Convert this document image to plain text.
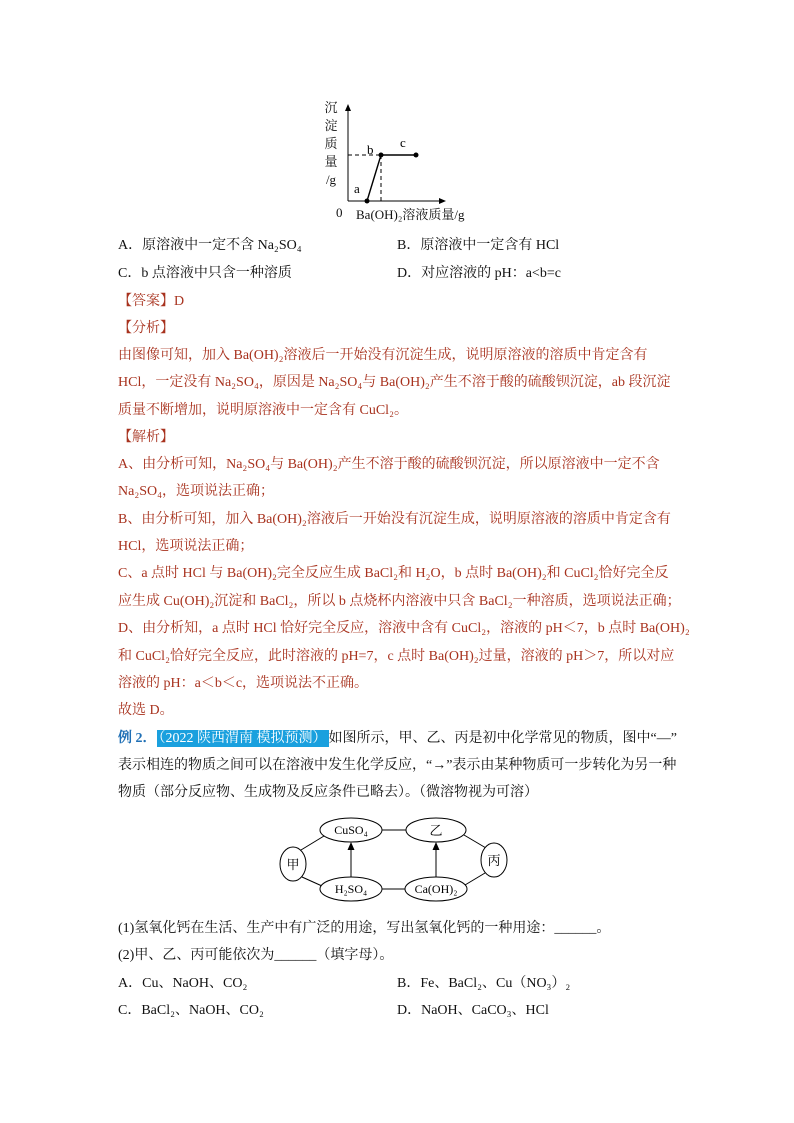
沉
淀
质
量
/g
0 Ba(OH)₂溶液质量/g
a
b c
A．原溶液中一定不含 Na₂SO₄	B．原溶液中一定含有 HCl
C．b 点溶液中只含一种溶质	D．对应溶液的 pH：a<b=c
【答案】D
【分析】
由图像可知，加入 Ba(OH)₂溶液后一开始没有沉淀生成，说明原溶液的溶质中肯定含有
HCl，一定没有 Na₂SO₄，原因是 Na₂SO₄与 Ba(OH)₂产生不溶于酸的硫酸钡沉淀，ab 段沉淀
质量不断增加，说明原溶液中一定含有 CuCl₂。
【解析】
A、由分析可知，Na₂SO₄与 Ba(OH)₂产生不溶于酸的硫酸钡沉淀，所以原溶液中一定不含
Na₂SO₄，选项说法正确；
B、由分析可知，加入 Ba(OH)₂溶液后一开始没有沉淀生成，说明原溶液的溶质中肯定含有
HCl，选项说法正确；
C、a 点时 HCl 与 Ba(OH)₂完全反应生成 BaCl₂和 H₂O，b 点时 Ba(OH)₂和 CuCl₂恰好完全反
应生成 Cu(OH)₂沉淀和 BaCl₂，所以 b 点烧杯内溶液中只含 BaCl₂一种溶质，选项说法正确；
D、由分析知，a 点时 HCl 恰好完全反应，溶液中含有 CuCl₂，溶液的 pH＜7，b 点时 Ba(OH)₂
和 CuCl₂恰好完全反应，此时溶液的 pH=7，c 点时 Ba(OH)₂过量，溶液的 pH＞7，所以对应
溶液的 pH：a＜b＜c，选项说法不正确。
故选 D。
例 2． （2022 陕西渭南 模拟预测） 如图所示，甲、乙、丙是初中化学常见的物质，图中“—”
表示相连的物质之间可以在溶液中发生化学反应，“→”表示由某种物质可一步转化为另一种
物质（部分反应物、生成物及反应条件已略去）。（微溶物视为可溶）
CuSO₄	乙
甲	丙
H₂SO₄	Ca(OH)₂
(1)氢氧化钙在生活、生产中有广泛的用途，写出氢氧化钙的一种用途：______。
(2)甲、乙、丙可能依次为______（填字母）。
A．Cu、NaOH、CO₂	B．Fe、BaCl₂、Cu（NO₃）₂
C．BaCl₂、NaOH、CO₂	D．NaOH、CaCO₃、HCl
